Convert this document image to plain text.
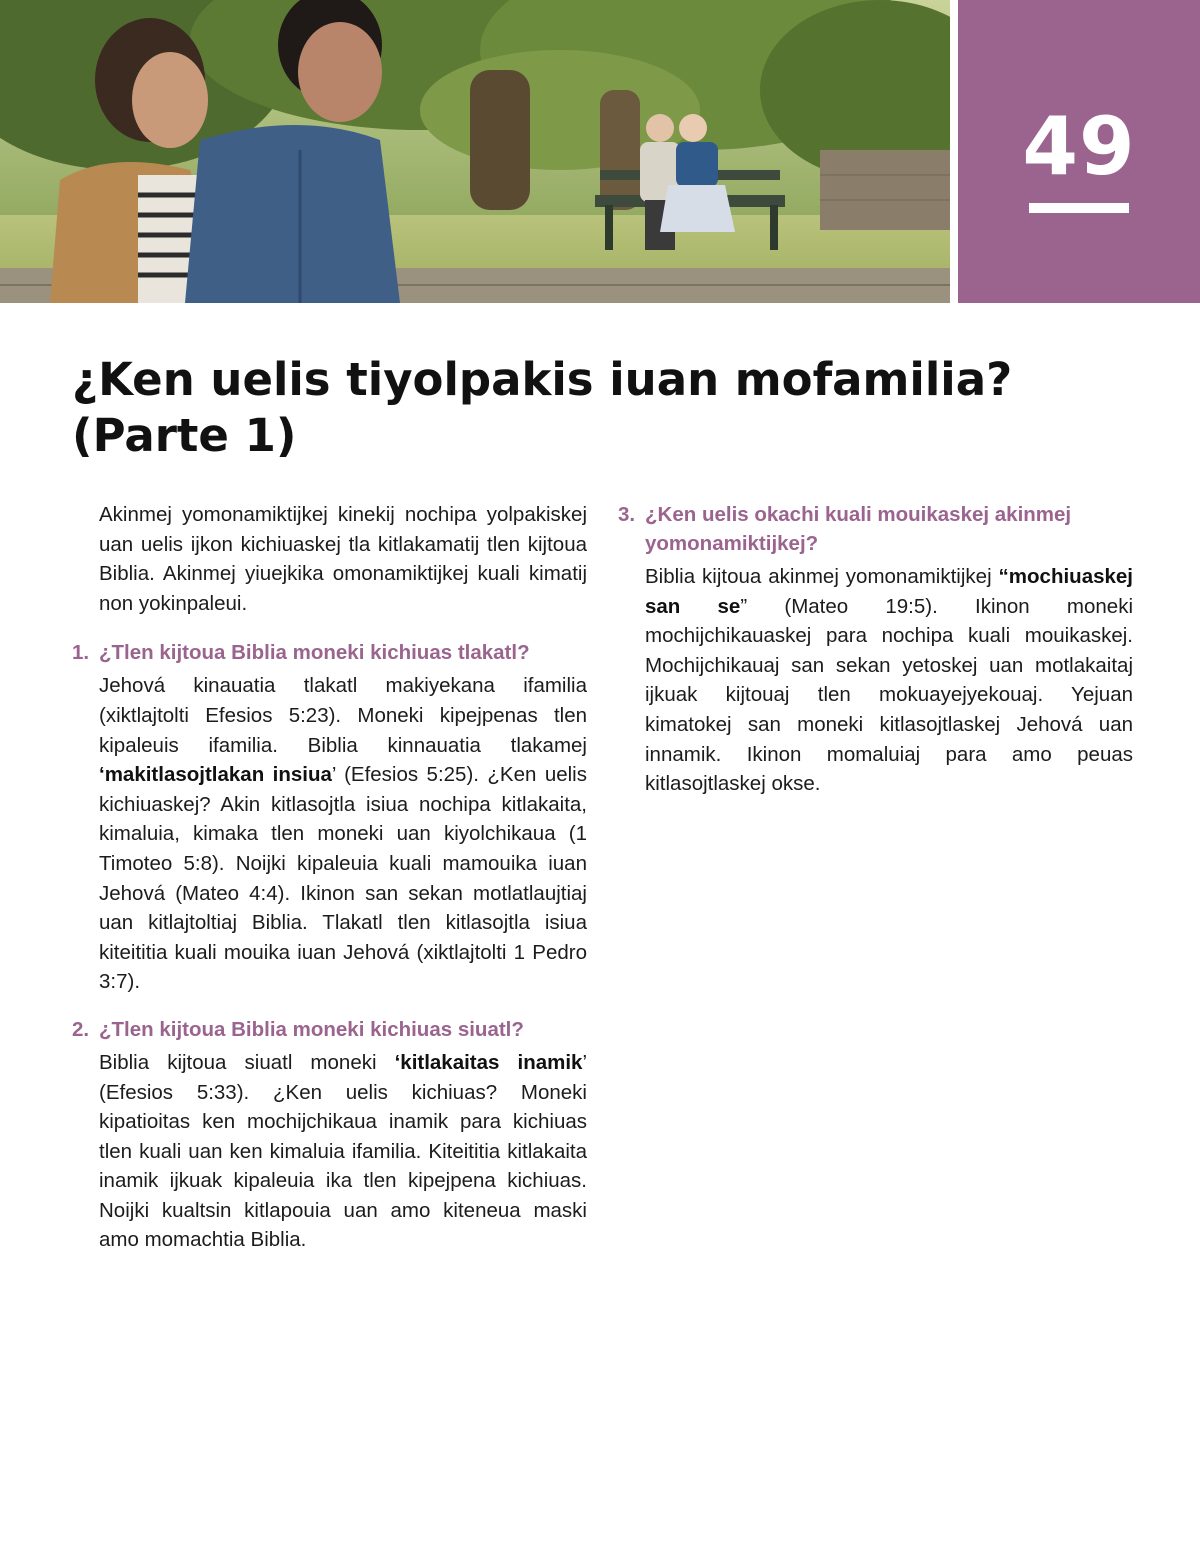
49
¿Ken uelis tiyolpakis iuan mofamilia?
(Parte 1)

Akinmej yomonamiktijkej kinekij nochipa yolpakiskej uan uelis ijkon kichiuaskej tla kitlakamatij tlen kijtoua Biblia. Akinmej yiuejkika omonamiktijkej kuali kimatij non yokinpaleui.

1. ¿Tlen kijtoua Biblia moneki kichiuas tlakatl?

Jehová kinauatia tlakatl makiyekana ifamilia (xiktlajtolti Efesios 5:23). Moneki kipejpenas tlen kipaleuis ifamilia. Biblia kinnauatia tlakamej ‘makitlasojtlakan insiua’ (Efesios 5:25). ¿Ken uelis kichiuaskej? Akin kitlasojtla isiua nochipa kitlakaita, kimaluia, kimaka tlen moneki uan kiyolchikaua (1 Timoteo 5:8). Noijki kipaleuia kuali mamouika iuan Jehová (Mateo 4:4). Ikinon san sekan motlatlaujtiaj uan kitlajtoltiaj Biblia. Tlakatl tlen kitlasojtla isiua kiteititia kuali mouika iuan Jehová (xiktlajtolti 1 Pedro 3:7).

2. ¿Tlen kijtoua Biblia moneki kichiuas siuatl?

Biblia kijtoua siuatl moneki ‘kitlakaitas inamik’ (Efesios 5:33). ¿Ken uelis kichiuas? Moneki kipatioitas ken mochijchikaua inamik para kichiuas tlen kuali uan ken kimaluia ifamilia. Kiteititia kitlakaita inamik ijkuak kipaleuia ika tlen kipejpena kichiuas. Noijki kualtsin kitlapouia uan amo kiteneua maski amo momachtia Biblia.

3. ¿Ken uelis okachi kuali mouikaskej akinmej yomonamiktijkej?

Biblia kijtoua akinmej yomonamiktijkej “mochiuaskej san se” (Mateo 19:5). Ikinon moneki mochijchikauaskej para nochipa kuali mouikaskej. Mochijchikauaj san sekan yetoskej uan motlakaitaj ijkuak kijtouaj tlen mokuayejyekouaj. Yejuan kimatokej san moneki kitlasojtlaskej Jehová uan innamik. Ikinon momaluiaj para amo peuas kitlasojtlaskej okse.
